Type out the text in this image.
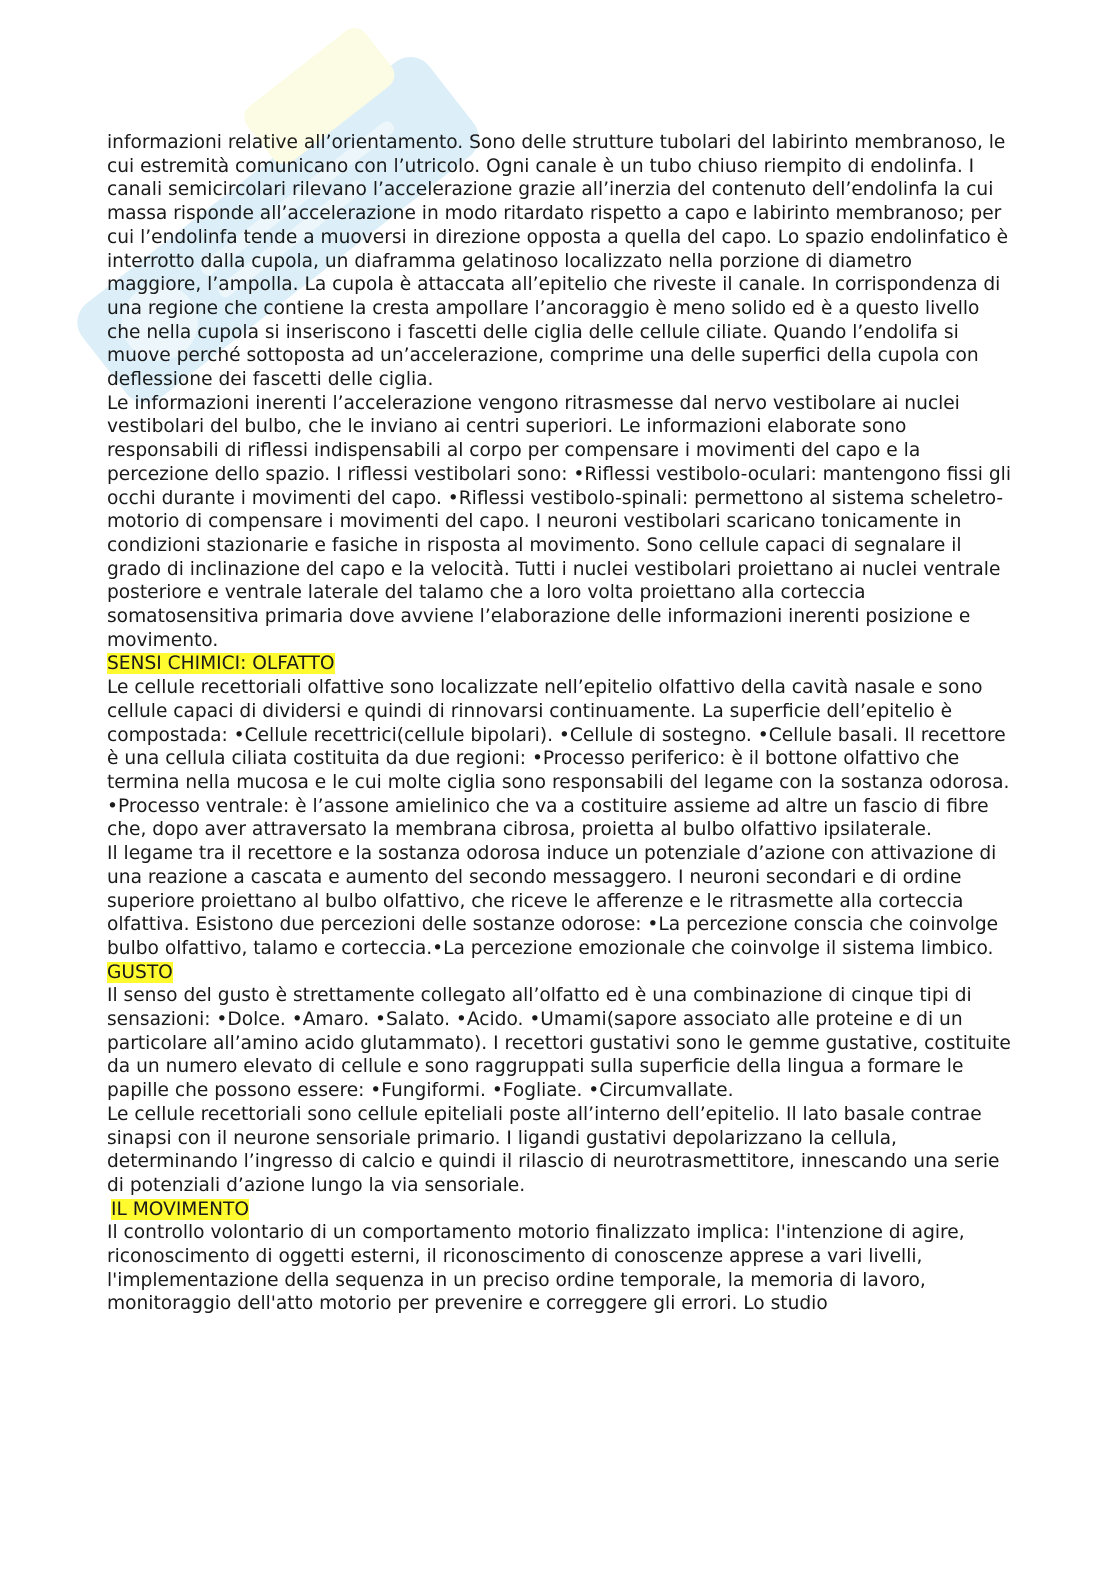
informazioni relative all’orientamento. Sono delle strutture tubolari del labirinto membranoso, le cui estremità comunicano con l’utricolo. Ogni canale è un tubo chiuso riempito di endolinfa. I canali semicircolari rilevano l’accelerazione grazie all’inerzia del contenuto dell’endolinfa la cui massa risponde all’accelerazione in modo ritardato rispetto a capo e labirinto membranoso; per cui l’endolinfa tende a muoversi in direzione opposta a quella del capo. Lo spazio endolinfatico è interrotto dalla cupola, un diaframma gelatinoso localizzato nella porzione di diametro maggiore, l’ampolla. La cupola è attaccata all’epitelio che riveste il canale. In corrispondenza di una regione che contiene la cresta ampollare l’ancoraggio è meno solido ed è a questo livello che nella cupola si inseriscono i fascetti delle ciglia delle cellule ciliate. Quando l’endolifa si muove perché sottoposta ad un’accelerazione, comprime una delle superfici della cupola con deflessione dei fascetti delle ciglia.

Le informazioni inerenti l’accelerazione vengono ritrasmesse dal nervo vestibolare ai nuclei vestibolari del bulbo, che le inviano ai centri superiori. Le informazioni elaborate sono responsabili di riflessi indispensabili al corpo per compensare i movimenti del capo e la percezione dello spazio. I riflessi vestibolari sono: •Riflessi vestibolo-oculari: mantengono fissi gli occhi durante i movimenti del capo. •Riflessi vestibolo-spinali: permettono al sistema scheletro-motorio di compensare i movimenti del capo. I neuroni vestibolari scaricano tonicamente in condizioni stazionarie e fasiche in risposta al movimento. Sono cellule capaci di segnalare il grado di inclinazione del capo e la velocità. Tutti i nuclei vestibolari proiettano ai nuclei ventrale posteriore e ventrale laterale del talamo che a loro volta proiettano alla corteccia somatosensitiva primaria dove avviene l’elaborazione delle informazioni inerenti posizione e movimento.

SENSI CHIMICI: OLFATTO

Le cellule recettoriali olfattive sono localizzate nell’epitelio olfattivo della cavità nasale e sono cellule capaci di dividersi e quindi di rinnovarsi continuamente. La superficie dell’epitelio è compostada: •Cellule recettrici(cellule bipolari). •Cellule di sostegno. •Cellule basali. Il recettore è una cellula ciliata costituita da due regioni: •Processo periferico: è il bottone olfattivo che termina nella mucosa e le cui molte ciglia sono responsabili del legame con la sostanza odorosa. •Processo ventrale: è l’assone amielinico che va a costituire assieme ad altre un fascio di fibre che, dopo aver attraversato la membrana cibrosa, proietta al bulbo olfattivo ipsilaterale.

Il legame tra il recettore e la sostanza odorosa induce un potenziale d’azione con attivazione di una reazione a cascata e aumento del secondo messaggero. I neuroni secondari e di ordine superiore proiettano al bulbo olfattivo, che riceve le afferenze e le ritrasmette alla corteccia olfattiva. Esistono due percezioni delle sostanze odorose: •La percezione conscia che coinvolge bulbo olfattivo, talamo e corteccia.•La percezione emozionale che coinvolge il sistema limbico.

GUSTO

Il senso del gusto è strettamente collegato all’olfatto ed è una combinazione di cinque tipi di sensazioni: •Dolce. •Amaro. •Salato. •Acido. •Umami(sapore associato alle proteine e di un particolare all’amino acido glutammato). I recettori gustativi sono le gemme gustative, costituite da un numero elevato di cellule e sono raggruppati sulla superficie della lingua a formare le papille che possono essere: •Fungiformi. •Fogliate. •Circumvallate.

Le cellule recettoriali sono cellule epiteliali poste all’interno dell’epitelio. Il lato basale contrae sinapsi con il neurone sensoriale primario. I ligandi gustativi depolarizzano la cellula, determinando l’ingresso di calcio e quindi il rilascio di neurotrasmettitore, innescando una serie di potenziali d’azione lungo la via sensoriale.

IL MOVIMENTO

Il controllo volontario di un comportamento motorio finalizzato implica: l'intenzione di agire, riconoscimento di oggetti esterni, il riconoscimento di conoscenze apprese a vari livelli, l'implementazione della sequenza in un preciso ordine temporale, la memoria di lavoro, monitoraggio dell'atto motorio per prevenire e correggere gli errori. Lo studio
